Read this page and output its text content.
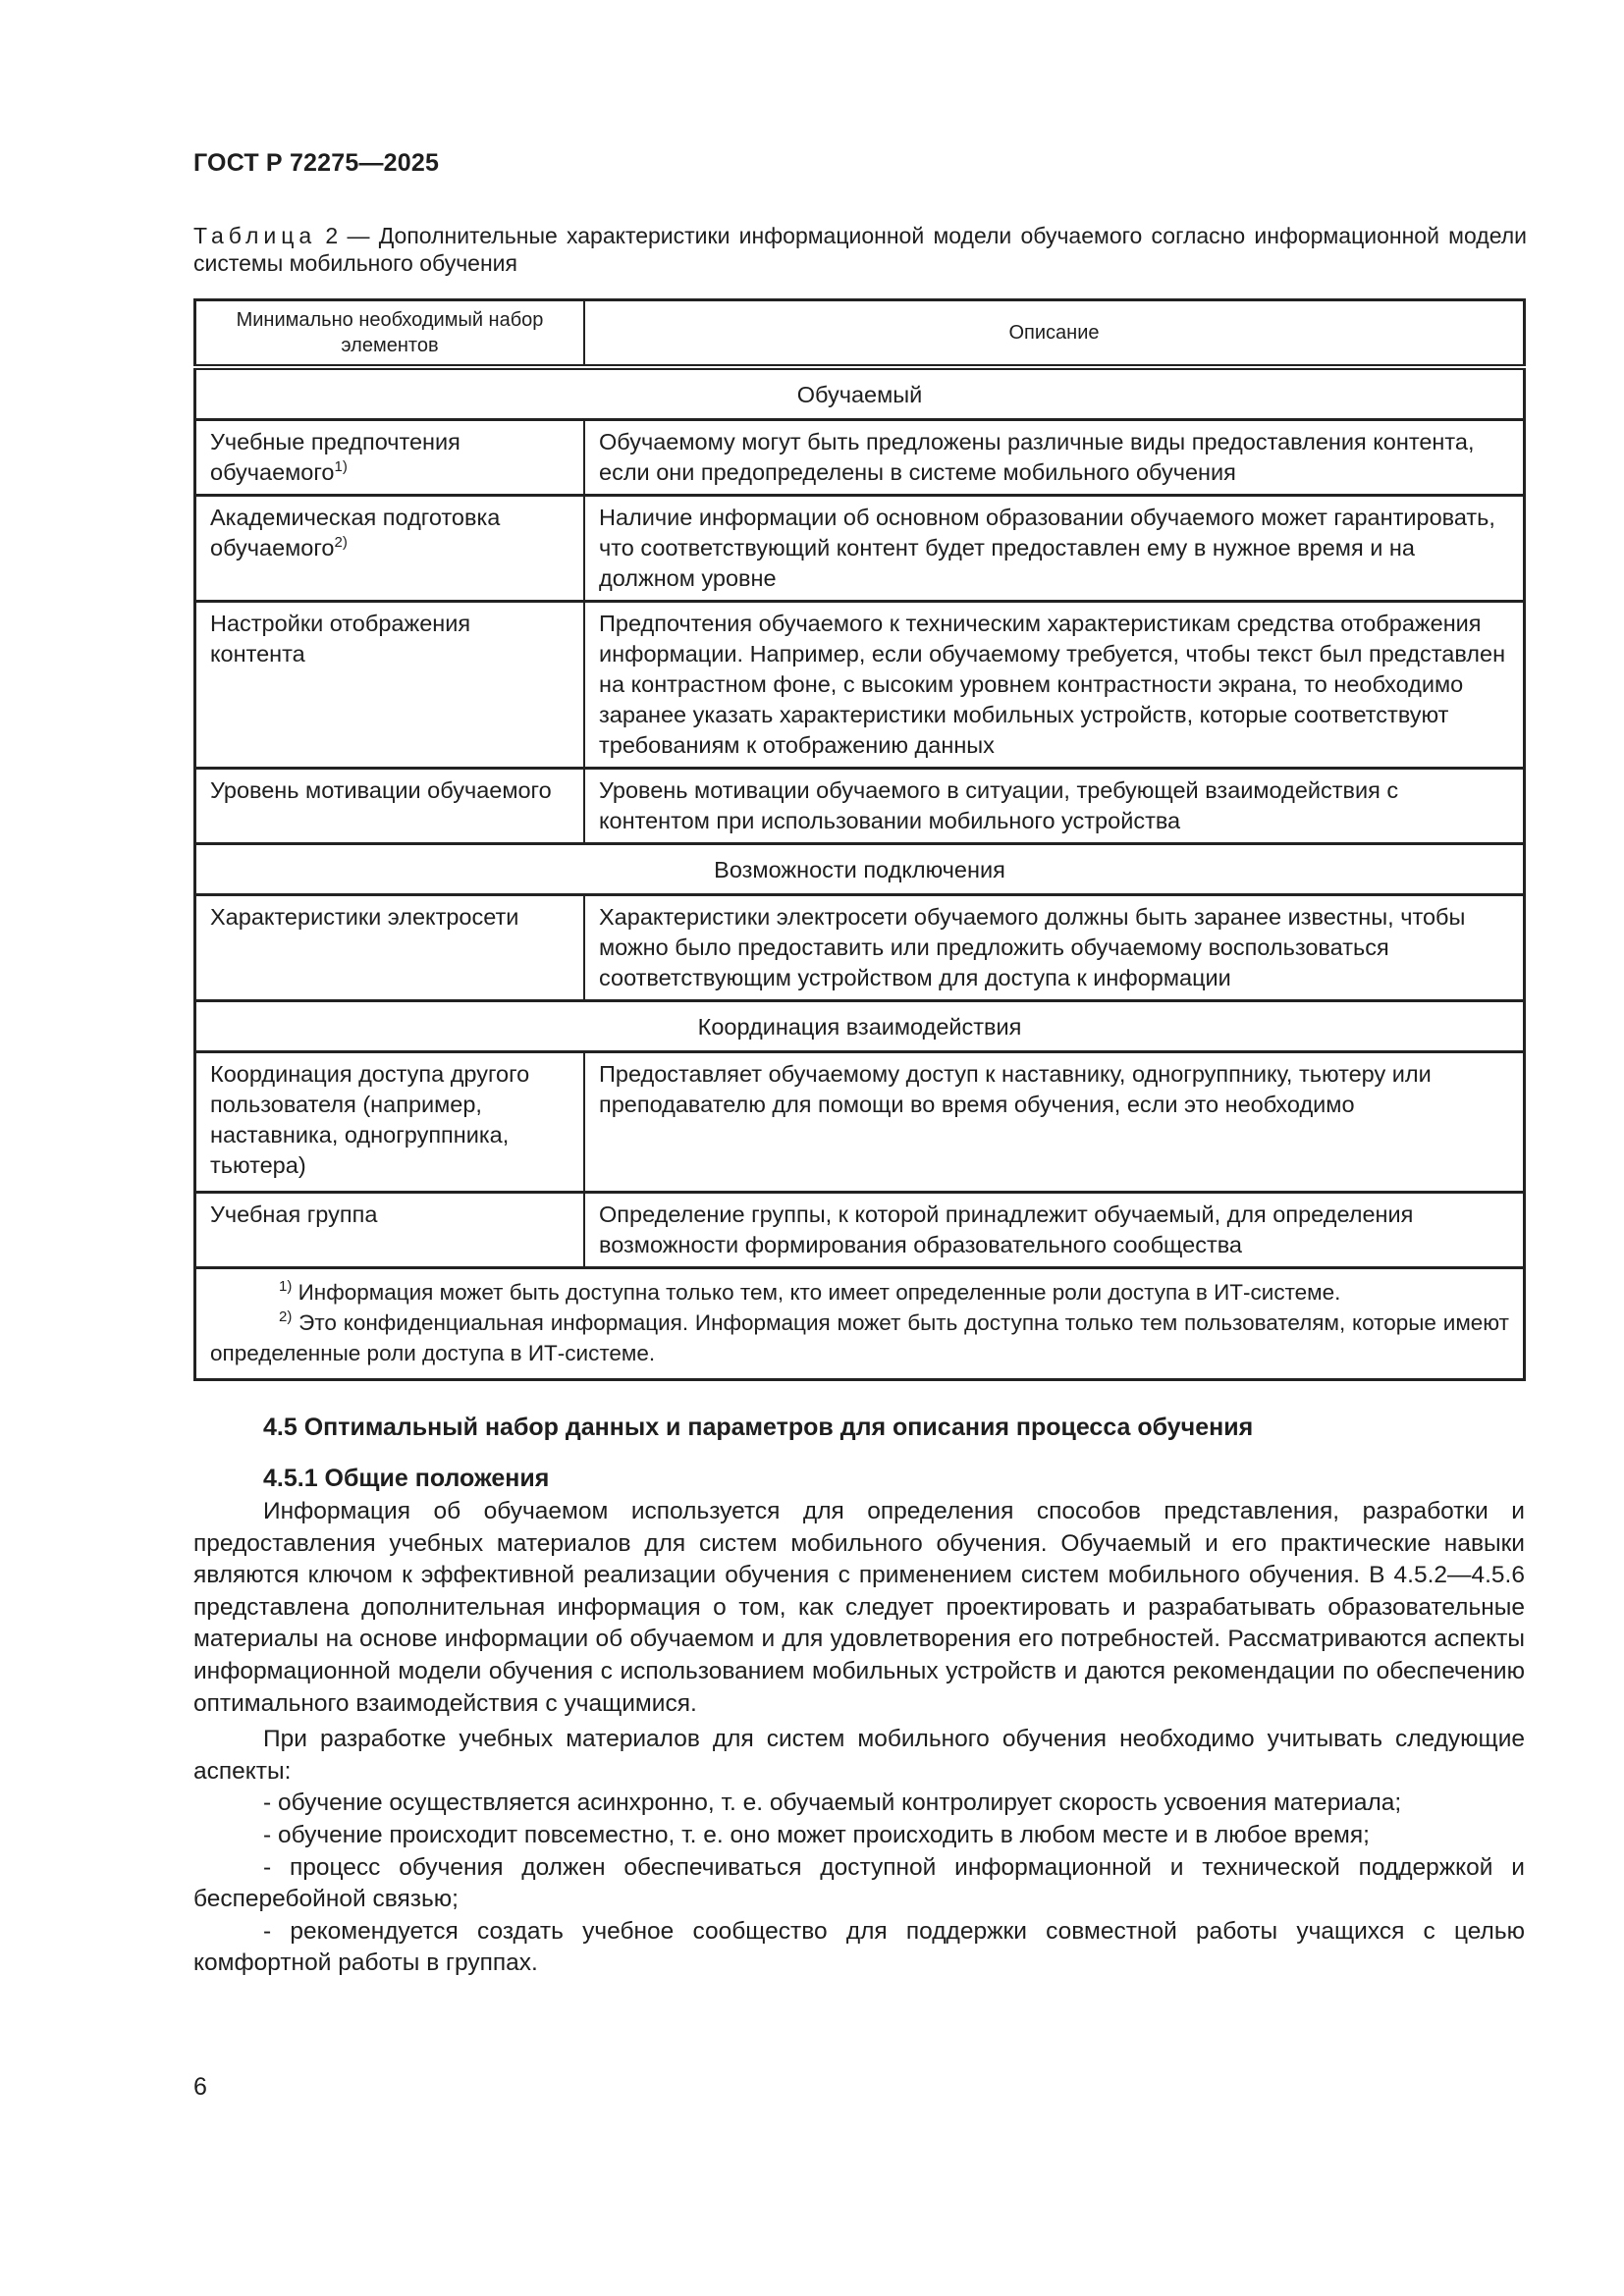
ГОСТ Р 72275—2025
Таблица 2 — Дополнительные характеристики информационной модели обучаемого согласно информационной модели системы мобильного обучения
Минимально необходимый набор элементов	Описание
Обучаемый	
Учебные предпочтения обучаемого$^{1)}$	Обучаемому могут быть предложены различные виды предоставления контента, если они предопределены в системе мобильного обучения
Академическая подготовка обучаемого$^{2)}$	Наличие информации об основном образовании обучаемого может гарантировать, что соответствующий контент будет предоставлен ему в нужное время и на должном уровне
Настройки отображения контента	Предпочтения обучаемого к техническим характеристикам средства отображения информации. Например, если обучаемому требуется, чтобы текст был представлен на контрастном фоне, с высоким уровнем контрастности экрана, то необходимо заранее указать характеристики мобильных устройств, которые соответствуют требованиям к отображению данных
Уровень мотивации обучаемого	Уровень мотивации обучаемого в ситуации, требующей взаимодействия с контентом при использовании мобильного устройства
Возможности подключения	
Характеристики электросети	Характеристики электросети обучаемого должны быть заранее известны, чтобы можно было предоставить или предложить обучаемому воспользоваться соответствующим устройством для доступа к информации
Координация взаимодействия	
Координация доступа другого пользователя (например, наставника, одногруппника, тьютера)	Предоставляет обучаемому доступ к наставнику, одногруппнику, тьютеру или преподавателю для помощи во время обучения, если это необходимо
Учебная группа	Определение группы, к которой принадлежит обучаемый, для определения возможности формирования образовательного сообщества

$^{1)}$ Информация может быть доступна только тем, кто имеет определенные роли доступа в ИТ-системе.
$^{2)}$ Это конфиденциальная информация. Информация может быть доступна только тем пользователям, которые имеют определенные роли доступа в ИТ-системе.	
4.5 Оптимальный набор данных и параметров для описания процесса обучения
4.5.1 Общие положения

Информация об обучаемом используется для определения способов представления, разработки и предоставления учебных материалов для систем мобильного обучения. Обучаемый и его практические навыки являются ключом к эффективной реализации обучения с применением систем мобильного обучения. В 4.5.2—4.5.6 представлена дополнительная информация о том, как следует проектировать и разрабатывать образовательные материалы на основе информации об обучаемом и для удовлетворения его потребностей. Рассматриваются аспекты информационной модели обучения с использованием мобильных устройств и даются рекомендации по обеспечению оптимального взаимодействия с учащимися.

При разработке учебных материалов для систем мобильного обучения необходимо учитывать следующие аспекты:

- обучение осуществляется асинхронно, т. е. обучаемый контролирует скорость усвоения материала;

- обучение происходит повсеместно, т. е. оно может происходить в любом месте и в любое время;

- процесс обучения должен обеспечиваться доступной информационной и технической поддержкой и бесперебойной связью;

- рекомендуется создать учебное сообщество для поддержки совместной работы учащихся с целью комфортной работы в группах.

6
